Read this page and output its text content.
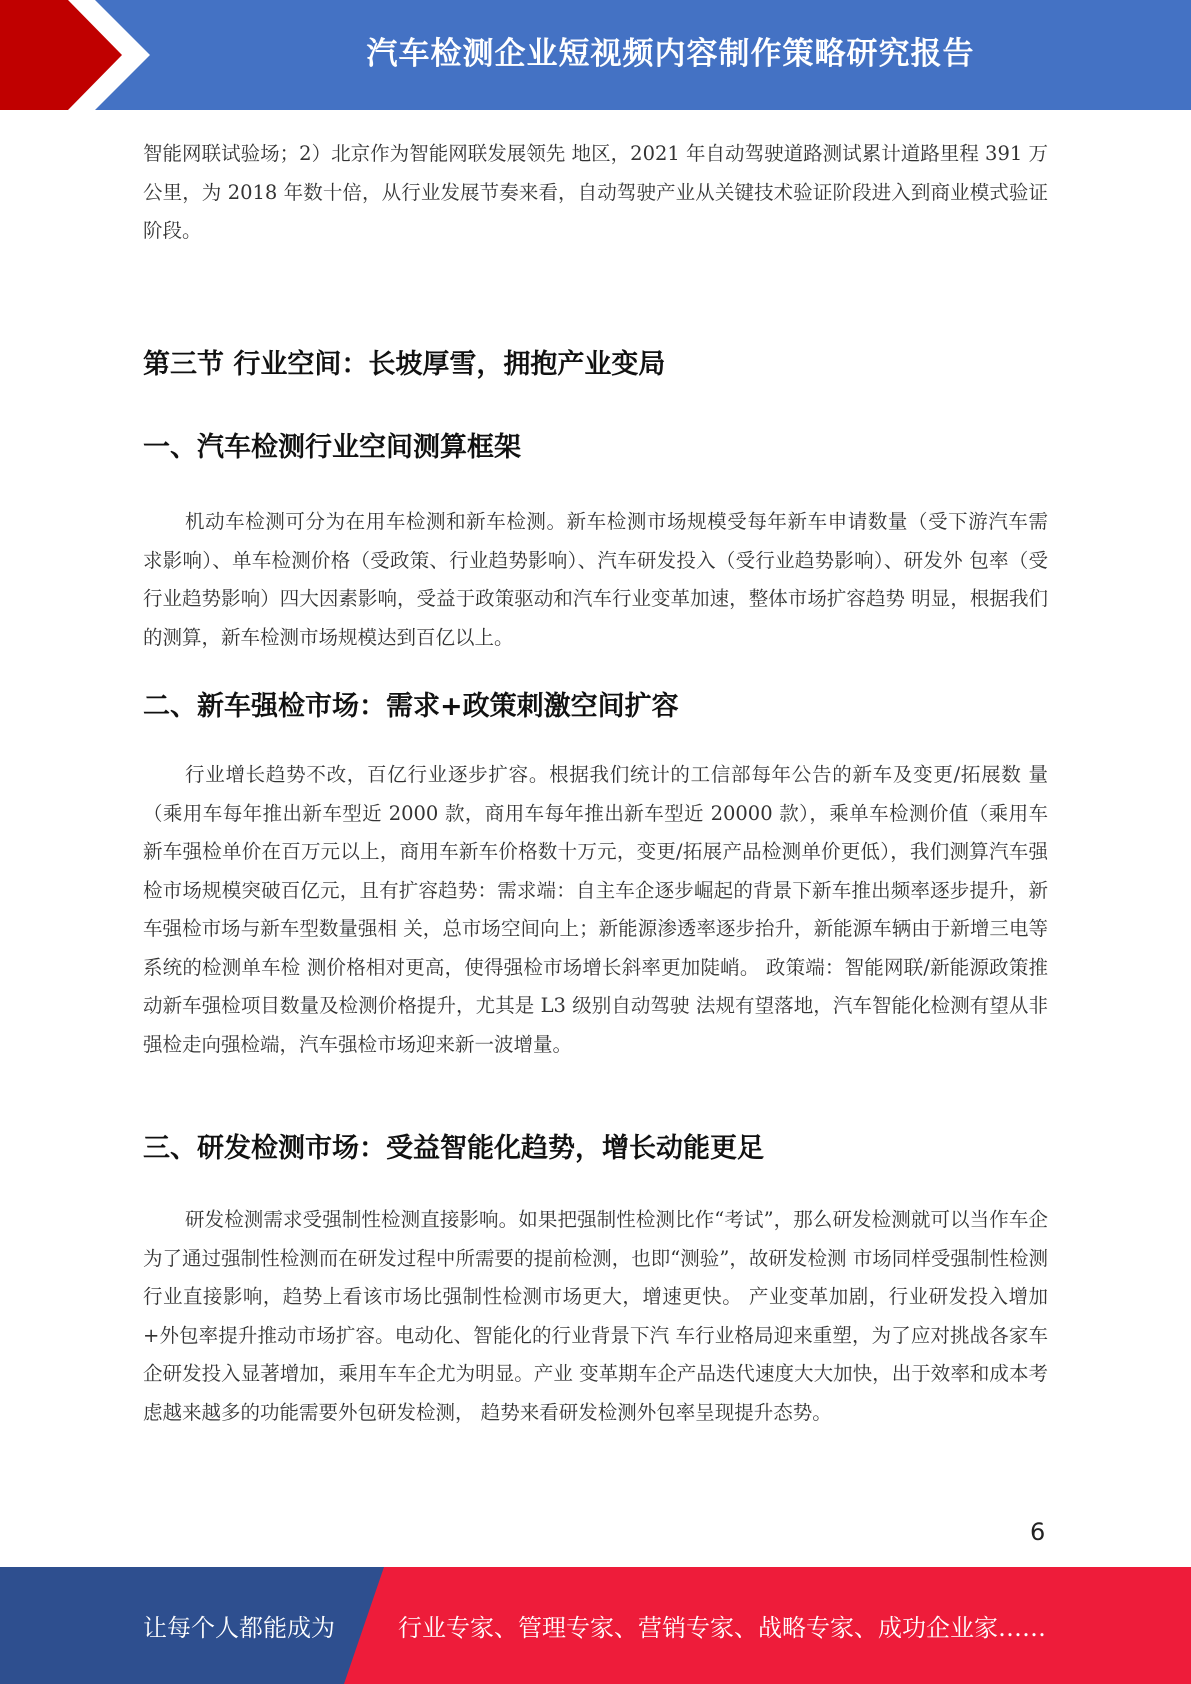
汽车检测企业短视频内容制作策略研究报告

智能网联试验场；2）北京作为智能网联发展领先 地区，2021 年自动驾驶道路测试累计道路里程 391 万公里，为 2018 年数十倍，从行业发展节奏来看，自动驾驶产业从关键技术验证阶段进入到商业模式验证阶段。

第三节 行业空间：长坡厚雪，拥抱产业变局
一、汽车检测行业空间测算框架

机动车检测可分为在用车检测和新车检测。新车检测市场规模受每年新车申请数量（受下游汽车需 求影响）、单车检测价格（受政策、行业趋势影响）、汽车研发投入（受行业趋势影响）、研发外 包率（受行业趋势影响）四大因素影响，受益于政策驱动和汽车行业变革加速，整体市场扩容趋势 明显，根据我们的测算，新车检测市场规模达到百亿以上。

二、新车强检市场：需求+政策刺激空间扩容

行业增长趋势不改，百亿行业逐步扩容。根据我们统计的工信部每年公告的新车及变更/拓展数 量（乘用车每年推出新车型近 2000 款，商用车每年推出新车型近 20000 款），乘单车检测价值（乘用车新车强检单价在百万元以上，商用车新车价格数十万元，变更/拓展产品检测单价更低），我们测算汽车强检市场规模突破百亿元，且有扩容趋势：需求端：自主车企逐步崛起的背景下新车推出频率逐步提升，新车强检市场与新车型数量强相 关，总市场空间向上；新能源渗透率逐步抬升，新能源车辆由于新增三电等系统的检测单车检 测价格相对更高，使得强检市场增长斜率更加陡峭。 政策端：智能网联/新能源政策推动新车强检项目数量及检测价格提升，尤其是 L3 级别自动驾驶 法规有望落地，汽车智能化检测有望从非强检走向强检端，汽车强检市场迎来新一波增量。

三、研发检测市场：受益智能化趋势，增长动能更足

研发检测需求受强制性检测直接影响。如果把强制性检测比作“考试”，那么研发检测就可以当作车企为了通过强制性检测而在研发过程中所需要的提前检测，也即“测验”，故研发检测 市场同样受强制性检测行业直接影响，趋势上看该市场比强制性检测市场更大，增速更快。 产业变革加剧，行业研发投入增加+外包率提升推动市场扩容。电动化、智能化的行业背景下汽 车行业格局迎来重塑，为了应对挑战各家车企研发投入显著增加，乘用车车企尤为明显。产业 变革期车企产品迭代速度大大加快，出于效率和成本考虑越来越多的功能需要外包研发检测， 趋势来看研发检测外包率呈现提升态势。

6
让每个人都能成为	行业专家、管理专家、营销专家、战略专家、成功企业家……
